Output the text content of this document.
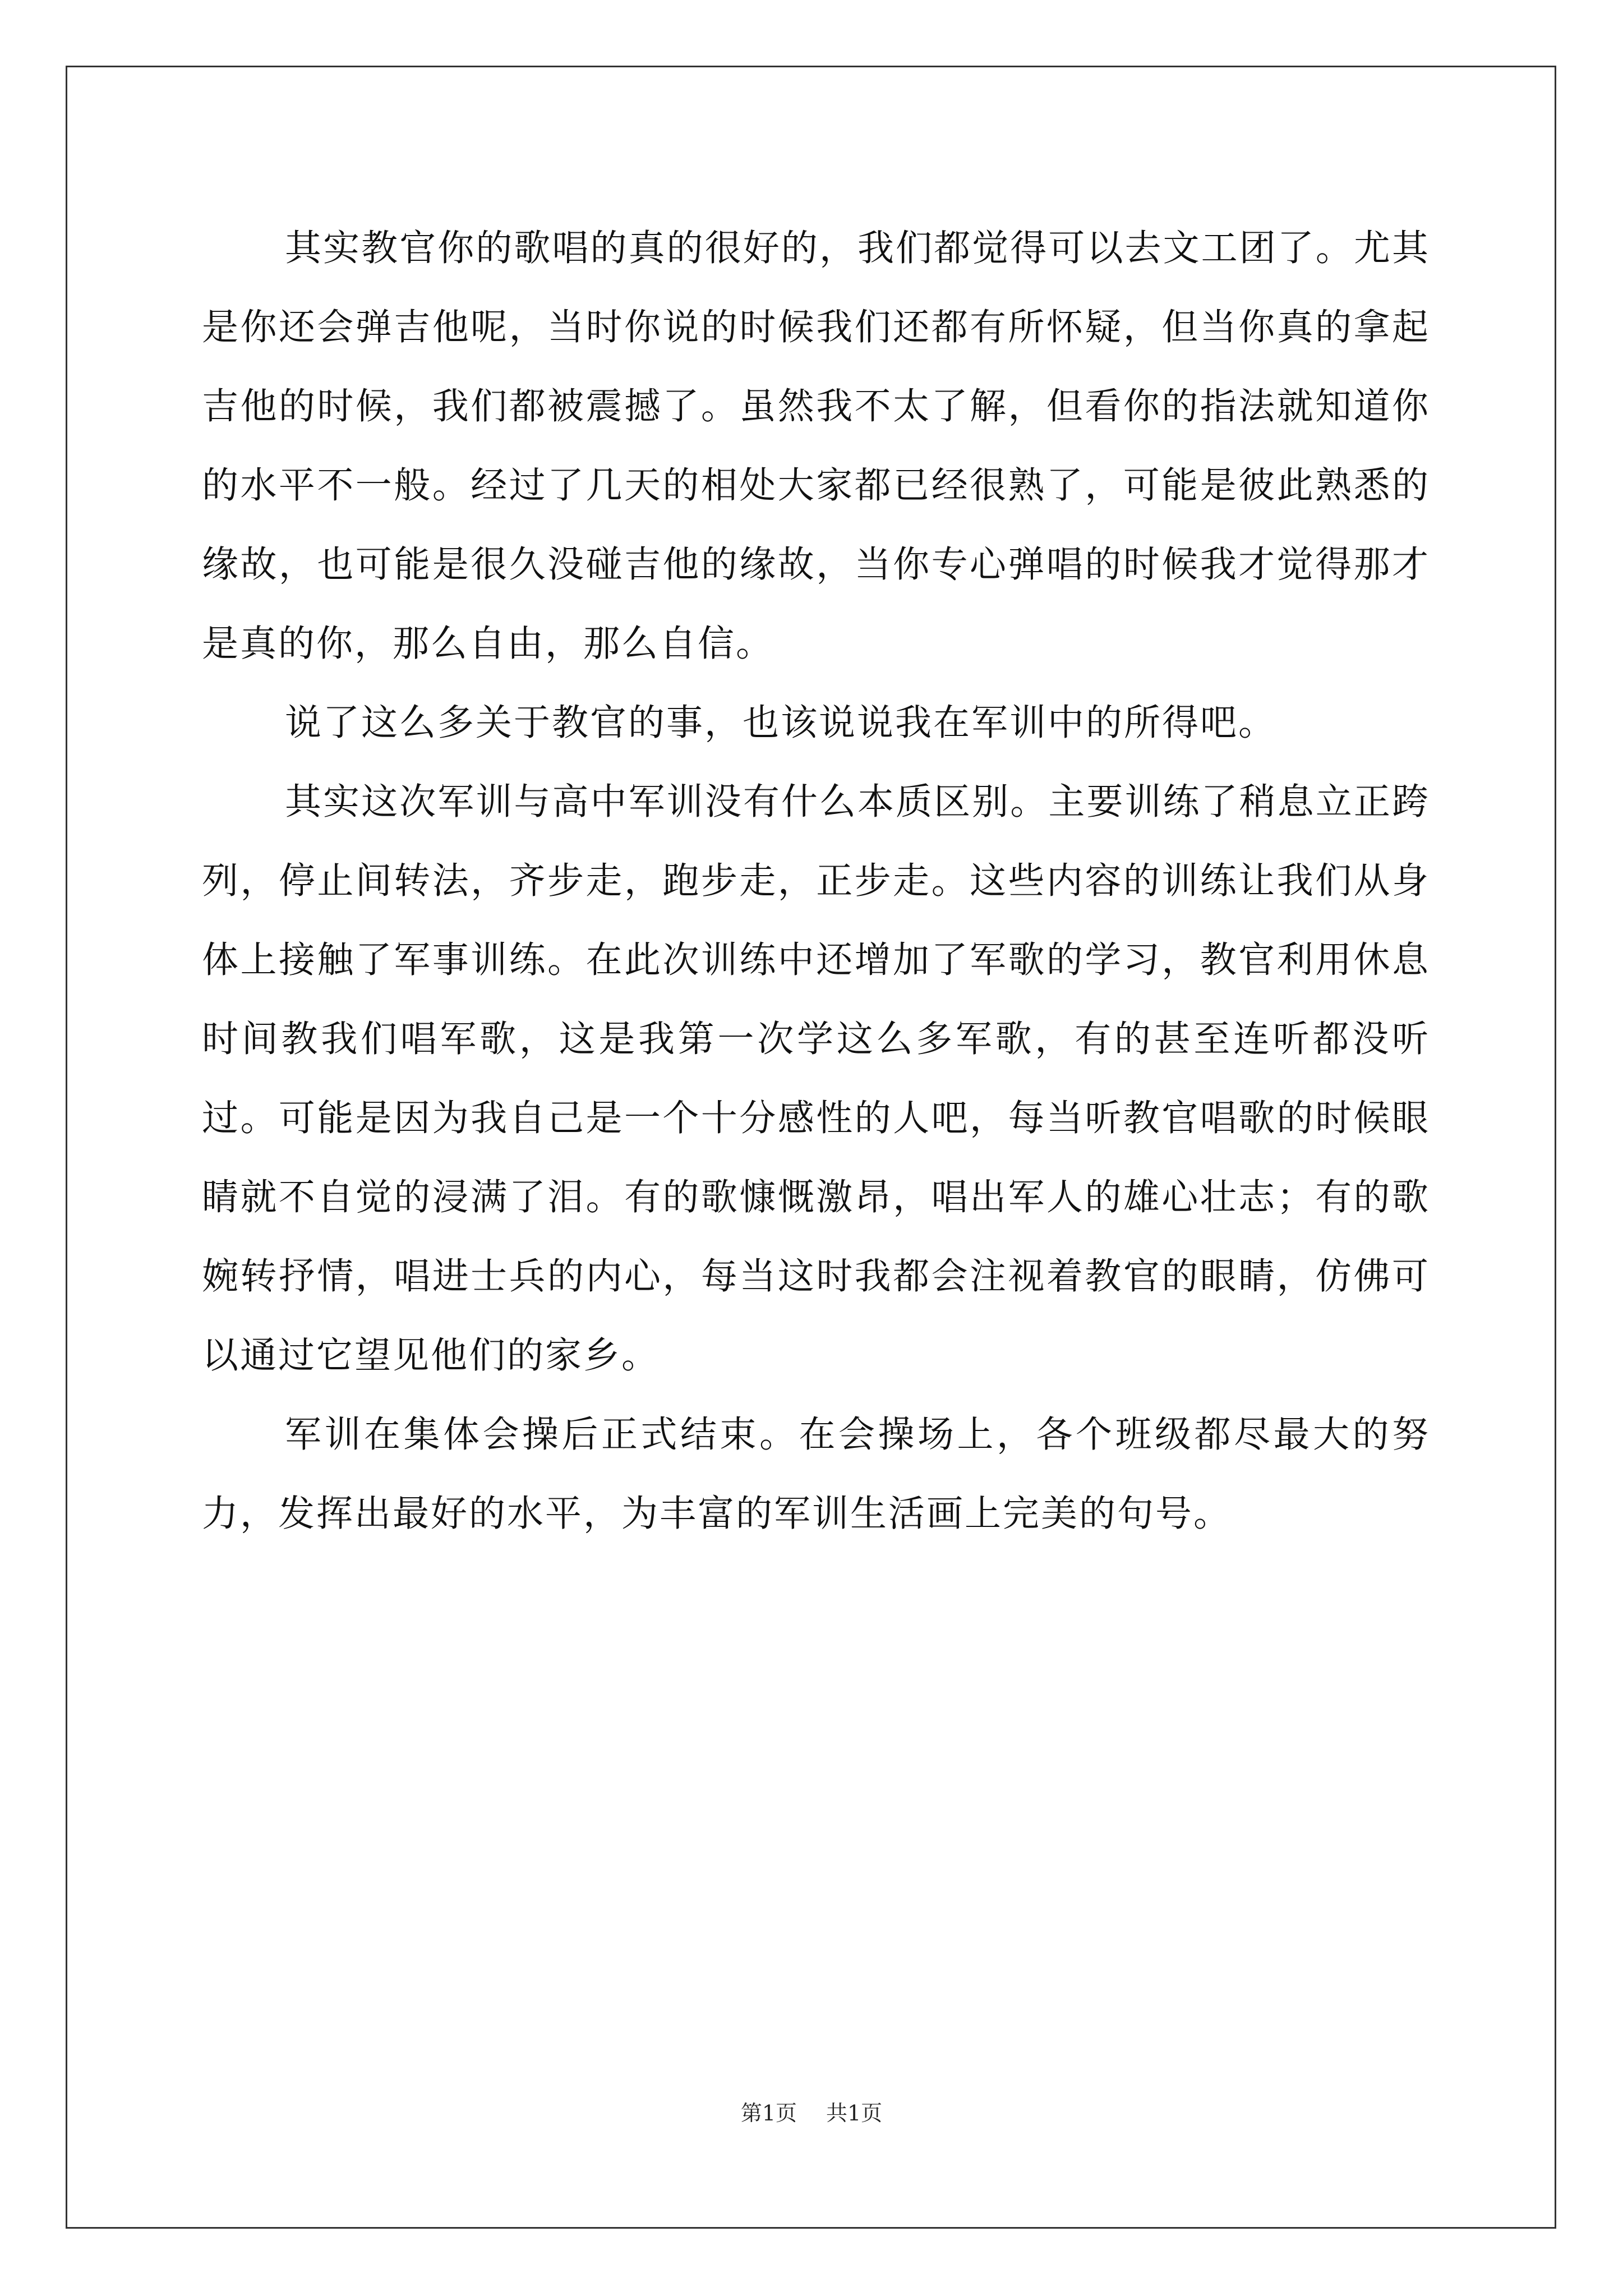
其实教官你的歌唱的真的很好的，我们都觉得可以去文工团了。尤其是你还会弹吉他呢，当时你说的时候我们还都有所怀疑，但当你真的拿起吉他的时候，我们都被震撼了。虽然我不太了解，但看你的指法就知道你的水平不一般。经过了几天的相处大家都已经很熟了，可能是彼此熟悉的缘故，也可能是很久没碰吉他的缘故，当你专心弹唱的时候我才觉得那才是真的你，那么自由，那么自信。

说了这么多关于教官的事，也该说说我在军训中的所得吧。

其实这次军训与高中军训没有什么本质区别。主要训练了稍息立正跨列，停止间转法，齐步走，跑步走，正步走。这些内容的训练让我们从身体上接触了军事训练。在此次训练中还增加了军歌的学习，教官利用休息时间教我们唱军歌，这是我第一次学这么多军歌，有的甚至连听都没听过。可能是因为我自己是一个十分感性的人吧，每当听教官唱歌的时候眼睛就不自觉的浸满了泪。有的歌慷慨激昂，唱出军人的雄心壮志；有的歌婉转抒情，唱进士兵的内心，每当这时我都会注视着教官的眼睛，仿佛可以通过它望见他们的家乡。

军训在集体会操后正式结束。在会操场上，各个班级都尽最大的努力，发挥出最好的水平，为丰富的军训生活画上完美的句号。

第1页 共1页
